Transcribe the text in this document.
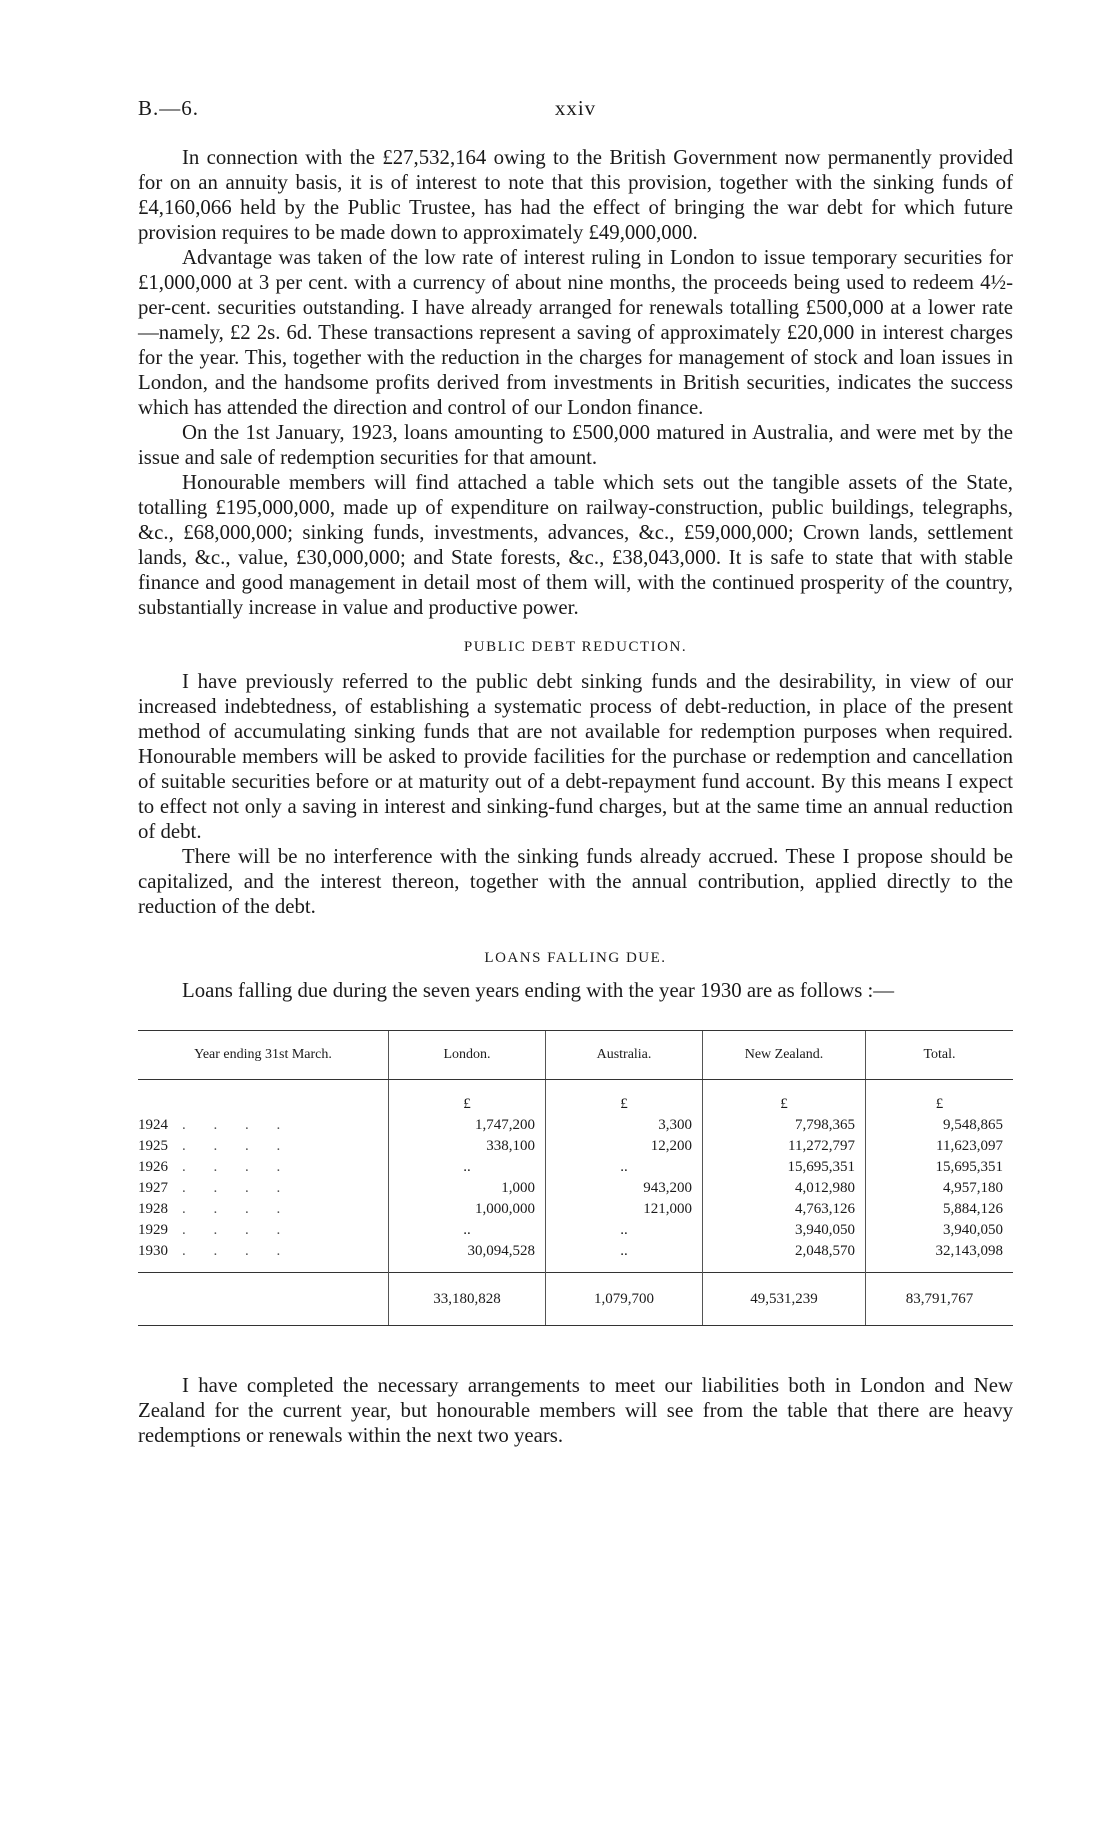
B.—6.	xxiv

In connection with the £27,532,164 owing to the British Government now permanently provided for on an annuity basis, it is of interest to note that this provision, together with the sinking funds of £4,160,066 held by the Public Trustee, has had the effect of bringing the war debt for which future provision requires to be made down to approximately £49,000,000.

Advantage was taken of the low rate of interest ruling in London to issue temporary securities for £1,000,000 at 3 per cent. with a currency of about nine months, the proceeds being used to redeem 4½-per-cent. securities outstanding. I have already arranged for renewals totalling £500,000 at a lower rate—namely, £2 2s. 6d. These transactions represent a saving of approximately £20,000 in interest charges for the year. This, together with the reduction in the charges for management of stock and loan issues in London, and the handsome profits derived from investments in British securities, indicates the success which has attended the direction and control of our London finance.

On the 1st January, 1923, loans amounting to £500,000 matured in Australia, and were met by the issue and sale of redemption securities for that amount.

Honourable members will find attached a table which sets out the tangible assets of the State, totalling £195,000,000, made up of expenditure on railway-construction, public buildings, telegraphs, &c., £68,000,000; sinking funds, investments, advances, &c., £59,000,000; Crown lands, settlement lands, &c., value, £30,000,000; and State forests, &c., £38,043,000. It is safe to state that with stable finance and good management in detail most of them will, with the continued prosperity of the country, substantially increase in value and productive power.

PUBLIC DEBT REDUCTION.

I have previously referred to the public debt sinking funds and the desirability, in view of our increased indebtedness, of establishing a systematic process of debt-reduction, in place of the present method of accumulating sinking funds that are not available for redemption purposes when required. Honourable members will be asked to provide facilities for the purchase or redemption and cancellation of suitable securities before or at maturity out of a debt-repayment fund account. By this means I expect to effect not only a saving in interest and sinking-fund charges, but at the same time an annual reduction of debt.

There will be no interference with the sinking funds already accrued. These I propose should be capitalized, and the interest thereon, together with the annual contribution, applied directly to the reduction of the debt.

LOANS FALLING DUE.

Loans falling due during the seven years ending with the year 1930 are as follows :—

Year ending 31st March.	London.	Australia.	New Zealand.	Total.
	£	£	£	£
1924 . . . .	1,747,200	3,300	7,798,365	9,548,865
1925 . . . .	338,100	12,200	11,272,797	11,623,097
1926 . . . .	..	..	15,695,351	15,695,351
1927 . . . .	1,000	943,200	4,012,980	4,957,180
1928 . . . .	1,000,000	121,000	4,763,126	5,884,126
1929 . . . .	..	..	3,940,050	3,940,050
1930 . . . .	30,094,528	..	2,048,570	32,143,098
	33,180,828	1,079,700	49,531,239	83,791,767

I have completed the necessary arrangements to meet our liabilities both in London and New Zealand for the current year, but honourable members will see from the table that there are heavy redemptions or renewals within the next two years.
